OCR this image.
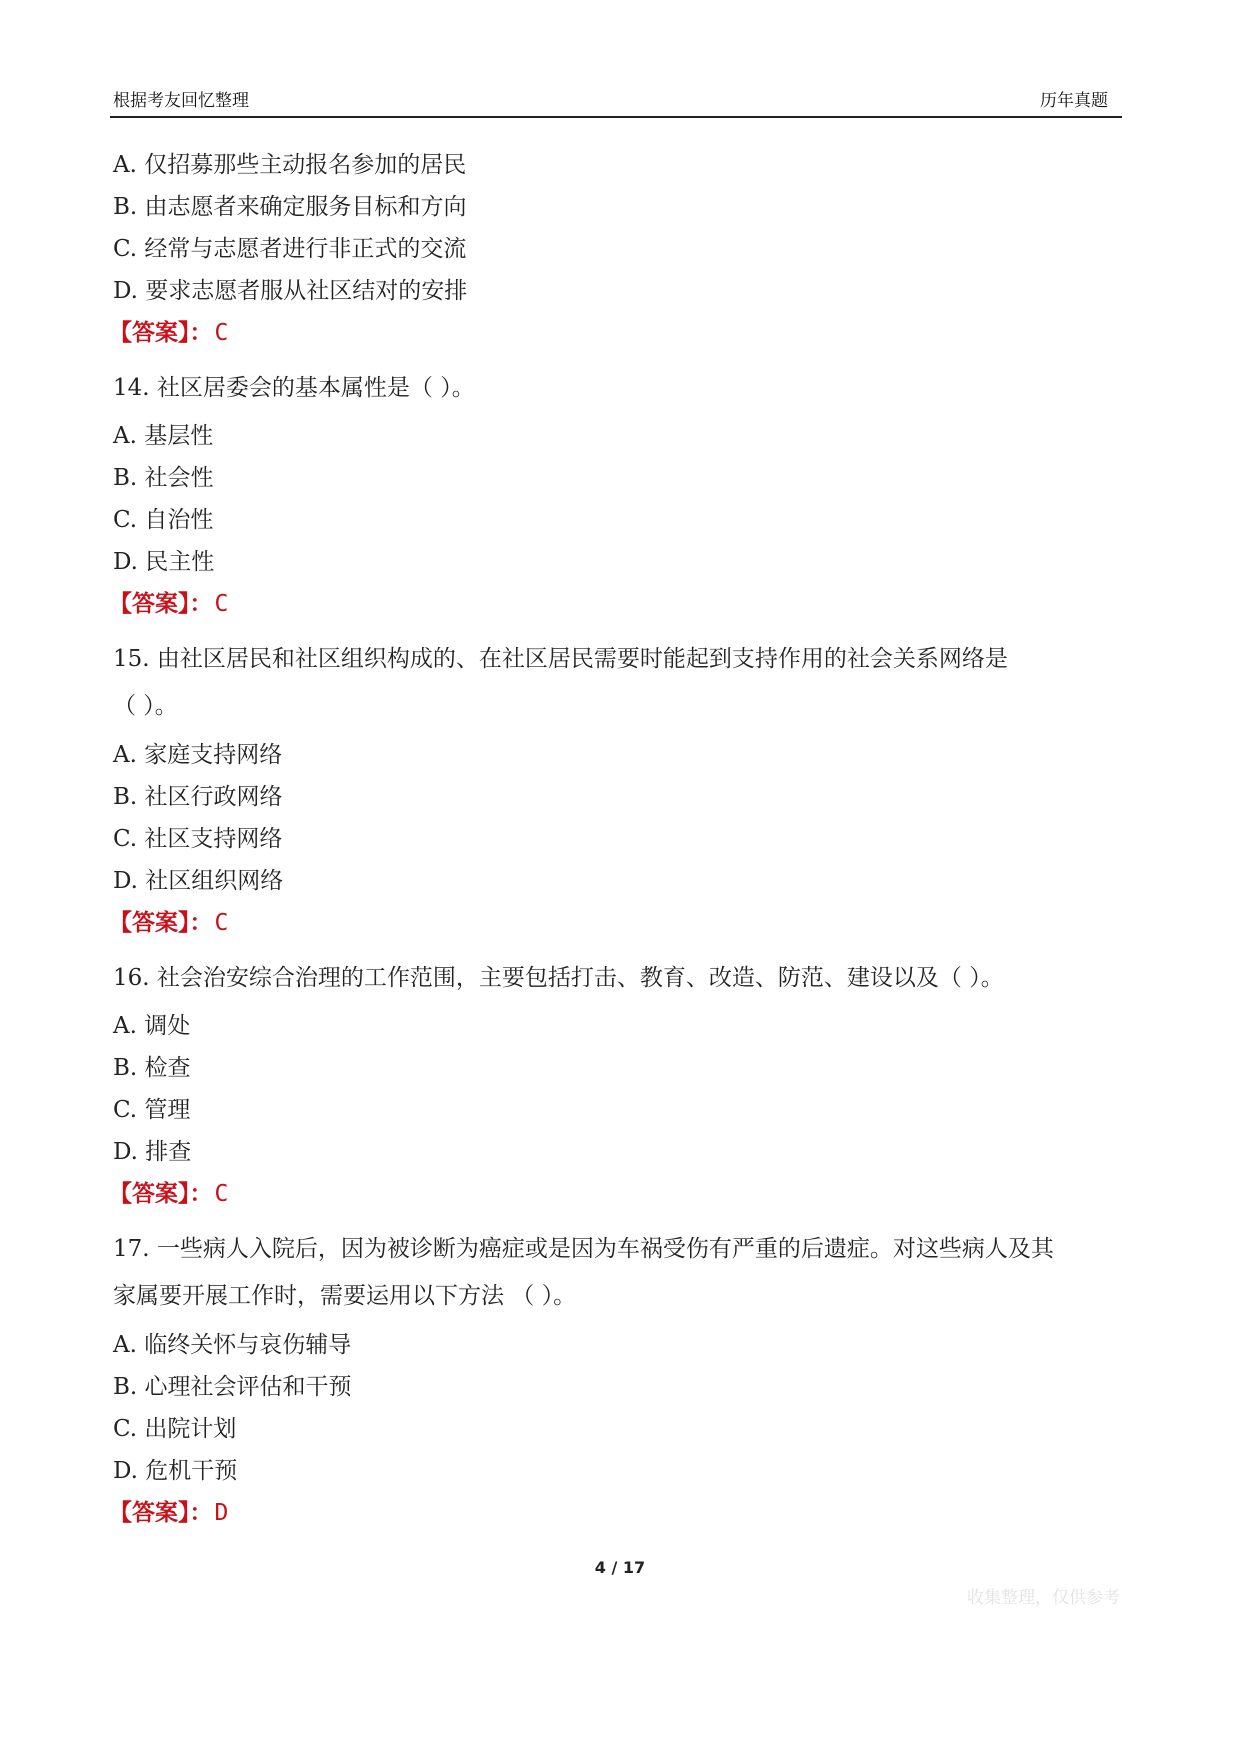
根据考友回忆整理	历年真题
A. 仅招募那些主动报名参加的居民
B. 由志愿者来确定服务目标和方向
C. 经常与志愿者进行非正式的交流
D. 要求志愿者服从社区结对的安排
【答案】：C
14. 社区居委会的基本属性是（ ）。
A. 基层性
B. 社会性
C. 自治性
D. 民主性
【答案】：C
15. 由社区居民和社区组织构成的、在社区居民需要时能起到支持作用的社会关系网络是
（ ）。
A. 家庭支持网络
B. 社区行政网络
C. 社区支持网络
D. 社区组织网络
【答案】：C
16. 社会治安综合治理的工作范围，主要包括打击、教育、改造、防范、建设以及（ ）。
A. 调处
B. 检查
C. 管理
D. 排查
【答案】：C
17. 一些病人入院后，因为被诊断为癌症或是因为车祸受伤有严重的后遗症。对这些病人及其
家属要开展工作时，需要运用以下方法 （ ）。
A. 临终关怀与哀伤辅导
B. 心理社会评估和干预
C. 出院计划
D. 危机干预
【答案】：D
4 / 17
收集整理，仅供参考
